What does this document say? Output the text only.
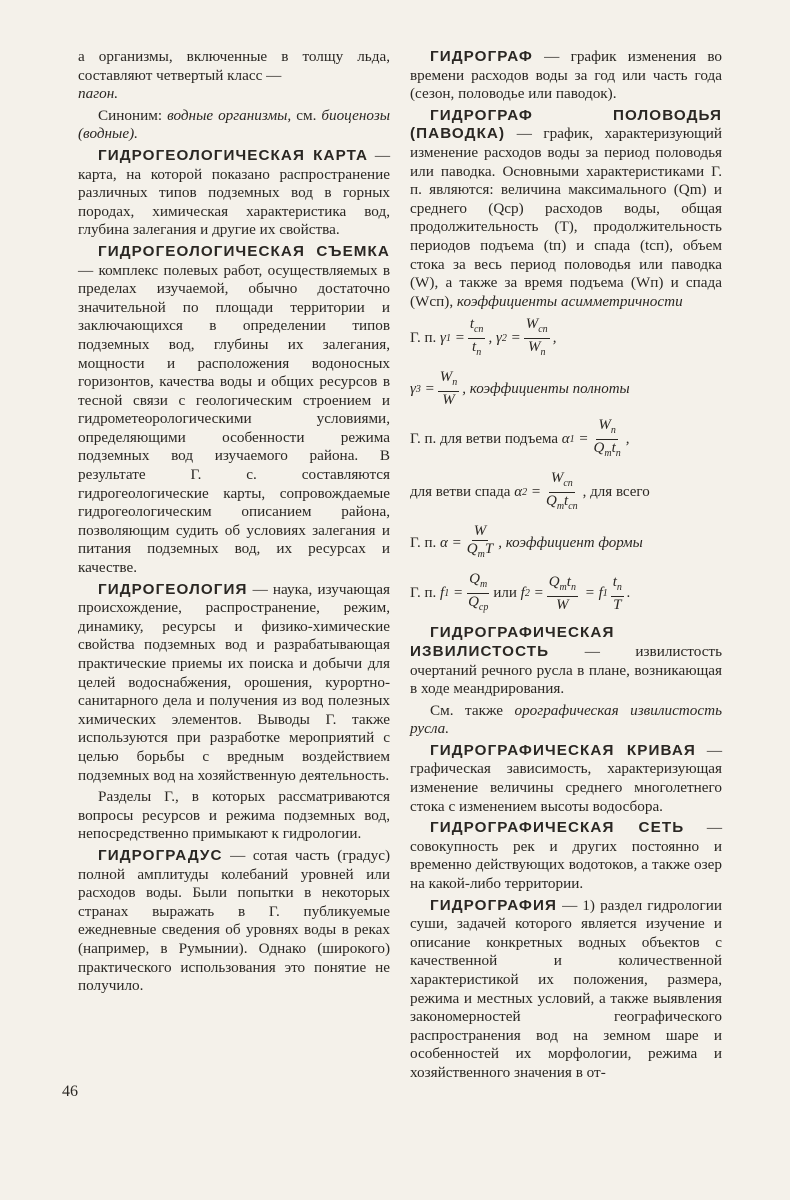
а организмы, включенные в толщу льда, составляют четвертый класс —
пагон.

Синоним: водные организмы, см. биоценозы (водные).

ГИДРОГЕОЛОГИЧЕСКАЯ КАРТА — карта, на которой показано распространение различных типов подземных вод в горных породах, химическая характеристика вод, глубина залегания и другие их свойства.

ГИДРОГЕОЛОГИЧЕСКАЯ СЪЕМКА — комплекс полевых работ, осуществляемых в пределах изучаемой, обычно достаточно значительной по площади территории и заключающихся в определении типов подземных вод, глубины их залегания, мощности и расположения водоносных горизонтов, качества воды и общих ресурсов в тесной связи с геологическим строением и гидрометеорологическими условиями, определяющими особенности режима подземных вод изучаемого района. В результате Г. с. составляются гидрогеологические карты, сопровождаемые гидрогеологическим описанием района, позволяющим судить об условиях залегания и питания подземных вод, их ресурсах и качестве.

ГИДРОГЕОЛОГИЯ — наука, изучающая происхождение, распространение, режим, динамику, ресурсы и физико-химические свойства подземных вод и разрабатывающая практические приемы их поиска и добычи для целей водоснабжения, орошения, курортно-санитарного дела и получения из вод полезных химических элементов. Выводы Г. также используются при разработке мероприятий с целью борьбы с вредным воздействием подземных вод на хозяйственную деятельность.

Разделы Г., в которых рассматриваются вопросы ресурсов и режима подземных вод, непосредственно примыкают к гидрологии.

ГИДРОГРАДУС — сотая часть (градус) полной амплитуды колебаний уровней или расходов воды. Были попытки в некоторых странах выражать в Г. публикуемые ежедневные сведения об уровнях воды в реках (например, в Румынии). Однако (широкого) практического использования это понятие не получило.

ГИДРОГРАФ — график изменения во времени расходов воды за год или часть года (сезон, половодье или паводок).

ГИДРОГРАФ ПОЛОВОДЬЯ (ПАВОДКА) — график, характеризующий изменение расходов воды за период половодья или паводка. Основными характеристиками Г. п. являются: величина максимального (Qm) и среднего (Qср) расходов воды, общая продолжительность (T), продолжительность периодов подъема (tп) и спада (tсп), объем стока за весь период половодья или паводка (W), а также за время подъема (Wп) и спада (Wсп), коэффициенты асимметричности

Г. п. γ $1 = \frac{t_{сп}}{t_п}$ , γ $2 = \frac{W_{сп}}{W_п}$ ,
γ $3 = \frac{W_п}{W}$ , коэффициенты полноты
Г. п. для ветви подъема α $1 = \frac{W_п}{Q_mt_п}$ ,
для ветви спада α $2 = \frac{W_{сп}}{Q_mt_{сп}}$ , для всего
Г. п. $\alpha = \frac{W}{Q_mT}$ , коэффициент формы
Г. п. f $1 = \frac{Q_m}{Q_{ср}}$ или f $2 = \frac{Q_mt_п}{W} = f$ $1 \frac{t_п}{T}$ .

ГИДРОГРАФИЧЕСКАЯ ИЗВИЛИСТОСТЬ — извилистость очертаний речного русла в плане, возникающая в ходе меандрирования.

См. также орографическая извилистость русла.

ГИДРОГРАФИЧЕСКАЯ КРИВАЯ — графическая зависимость, характеризующая изменение величины среднего многолетнего стока с изменением высоты водосбора.

ГИДРОГРАФИЧЕСКАЯ СЕТЬ — совокупность рек и других постоянно и временно действующих водотоков, а также озер на какой-либо территории.

ГИДРОГРАФИЯ — 1) раздел гидрологии суши, задачей которого является изучение и описание конкретных водных объектов с качественной и количественной характеристикой их положения, размера, режима и местных условий, а также выявления закономерностей географического распространения вод на земном шаре и особенностей их морфологии, режима и хозяйственного значения в от-

46
